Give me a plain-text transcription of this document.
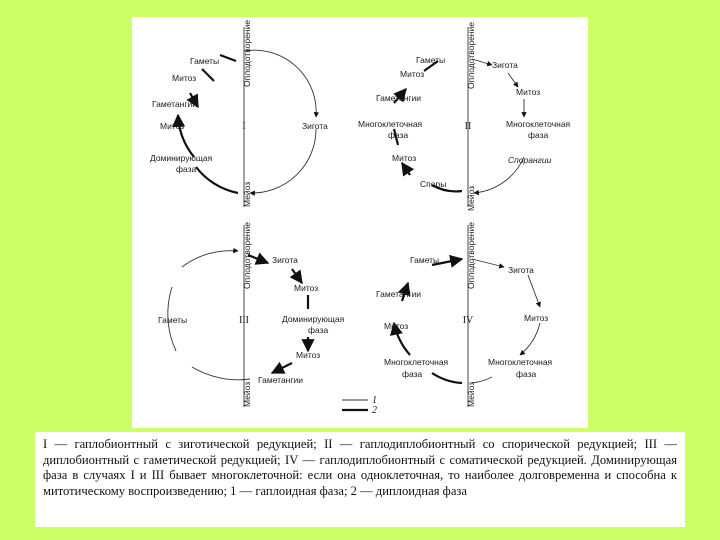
Оплодотворение
Мейоз
I
Гаметы
Митоз
Гаметангии
Митоз	Зигота
Доминирующая
фаза
Оплодотворение
Мейоз
II
Гаметы
Митоз
Гаметангии
Многоклеточная
фаза
Митоз
Споры
Зигота
Митоз
Многоклеточная
фаза
Спорангии
Оплодотворение
Мейоз
III
Гаметы
Зигота
Митоз
Доминирующая
фаза
Митоз
Гаметангии
Оплодотворение
Мейоз
IV
Гаметы
Гаметангии
Митоз
Многоклеточная
фаза
Зигота
Митоз
Многоклеточная
фаза
1
2

I — гаплобионтный с зиготической редукцией; II — гаплодиплобионтный со спорической редукцией; III — диплобионтный с гаметической редукцией; IV — гаплодиплобионтный с соматической редукцией. Доминирующая фаза в случаях I и III бывает многоклеточной: если она одноклеточная, то наиболее долговременна и способна к митотическому воспроизведению; 1 — гаплоидная фаза; 2 — диплоидная фаза
